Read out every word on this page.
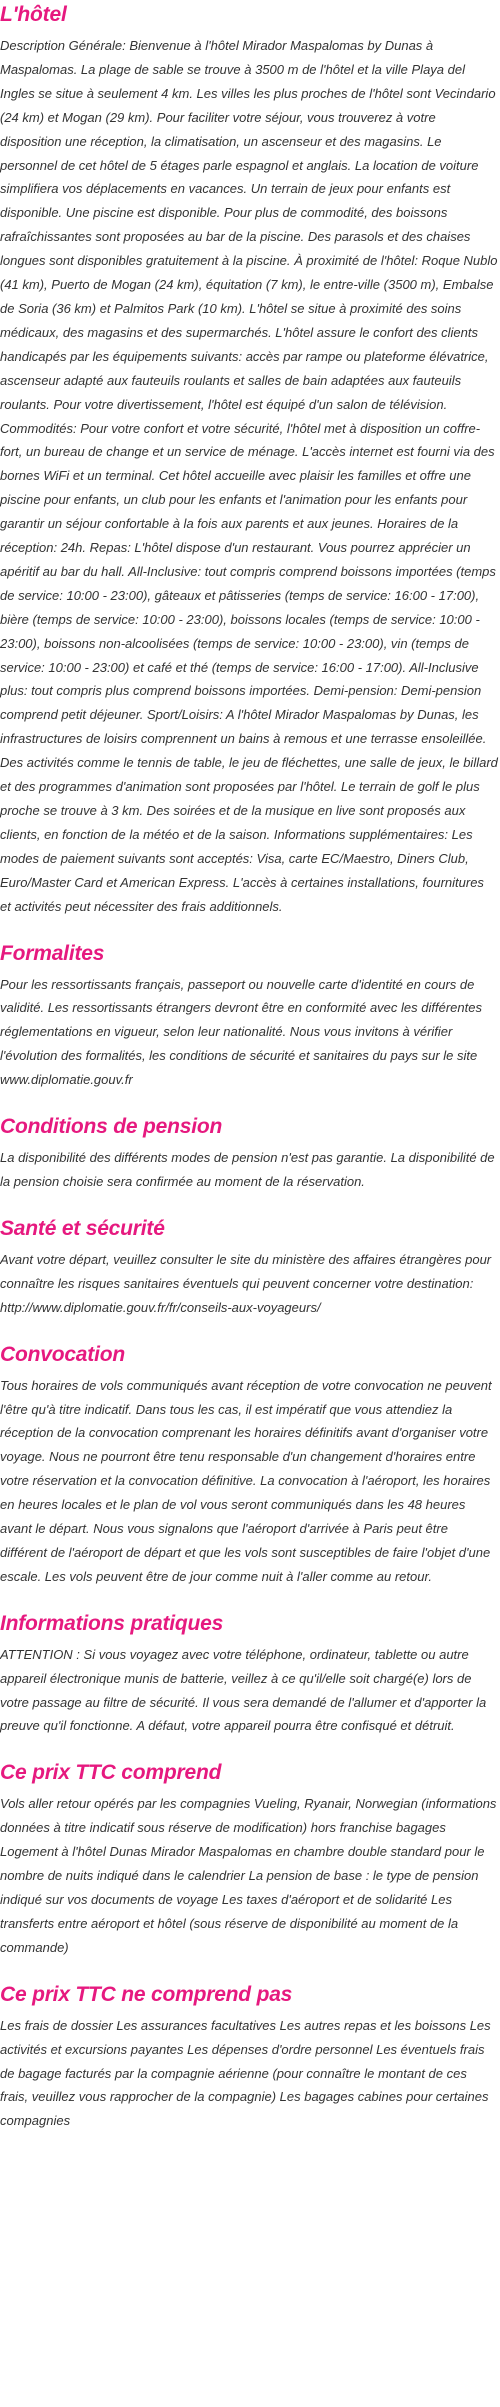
L'hôtel

Description Générale: Bienvenue à l'hôtel Mirador Maspalomas by Dunas à Maspalomas. La plage de sable se trouve à 3500 m de l'hôtel et la ville Playa del Ingles se situe à seulement 4 km. Les villes les plus proches de l'hôtel sont Vecindario (24 km) et Mogan (29 km). Pour faciliter votre séjour, vous trouverez à votre disposition une réception, la climatisation, un ascenseur et des magasins. Le personnel de cet hôtel de 5 étages parle espagnol et anglais. La location de voiture simplifiera vos déplacements en vacances. Un terrain de jeux pour enfants est disponible. Une piscine est disponible. Pour plus de commodité, des boissons rafraîchissantes sont proposées au bar de la piscine. Des parasols et des chaises longues sont disponibles gratuitement à la piscine. À proximité de l'hôtel: Roque Nublo (41 km), Puerto de Mogan (24 km), équitation (7 km), le entre-ville (3500 m), Embalse de Soria (36 km) et Palmitos Park (10 km). L'hôtel se situe à proximité des soins médicaux, des magasins et des supermarchés. L'hôtel assure le confort des clients handicapés par les équipements suivants: accès par rampe ou plateforme élévatrice, ascenseur adapté aux fauteuils roulants et salles de bain adaptées aux fauteuils roulants. Pour votre divertissement, l'hôtel est équipé d'un salon de télévision. Commodités: Pour votre confort et votre sécurité, l'hôtel met à disposition un coffre-fort, un bureau de change et un service de ménage. L'accès internet est fourni via des bornes WiFi et un terminal. Cet hôtel accueille avec plaisir les familles et offre une piscine pour enfants, un club pour les enfants et l'animation pour les enfants pour garantir un séjour confortable à la fois aux parents et aux jeunes. Horaires de la réception: 24h. Repas: L'hôtel dispose d'un restaurant. Vous pourrez apprécier un apéritif au bar du hall. All-Inclusive: tout compris comprend boissons importées (temps de service: 10:00 - 23:00), gâteaux et pâtisseries (temps de service: 16:00 - 17:00), bière (temps de service: 10:00 - 23:00), boissons locales (temps de service: 10:00 - 23:00), boissons non-alcoolisées (temps de service: 10:00 - 23:00), vin (temps de service: 10:00 - 23:00) et café et thé (temps de service: 16:00 - 17:00). All-Inclusive plus: tout compris plus comprend boissons importées. Demi-pension: Demi-pension comprend petit déjeuner. Sport/Loisirs: A l'hôtel Mirador Maspalomas by Dunas, les infrastructures de loisirs comprennent un bains à remous et une terrasse ensoleillée. Des activités comme le tennis de table, le jeu de fléchettes, une salle de jeux, le billard et des programmes d'animation sont proposées par l'hôtel. Le terrain de golf le plus proche se trouve à 3 km. Des soirées et de la musique en live sont proposés aux clients, en fonction de la météo et de la saison. Informations supplémentaires: Les modes de paiement suivants sont acceptés: Visa, carte EC/Maestro, Diners Club, Euro/Master Card et American Express. L'accès à certaines installations, fournitures et activités peut nécessiter des frais additionnels.

Formalites

Pour les ressortissants français, passeport ou nouvelle carte d'identité en cours de validité. Les ressortissants étrangers devront être en conformité avec les différentes réglementations en vigueur, selon leur nationalité. Nous vous invitons à vérifier l'évolution des formalités, les conditions de sécurité et sanitaires du pays sur le site www.diplomatie.gouv.fr

Conditions de pension

La disponibilité des différents modes de pension n'est pas garantie. La disponibilité de la pension choisie sera confirmée au moment de la réservation.

Santé et sécurité

Avant votre départ, veuillez consulter le site du ministère des affaires étrangères pour connaître les risques sanitaires éventuels qui peuvent concerner votre destination: http://www.diplomatie.gouv.fr/fr/conseils-aux-voyageurs/

Convocation

Tous horaires de vols communiqués avant réception de votre convocation ne peuvent l'être qu'à titre indicatif. Dans tous les cas, il est impératif que vous attendiez la réception de la convocation comprenant les horaires définitifs avant d'organiser votre voyage. Nous ne pourront être tenu responsable d'un changement d'horaires entre votre réservation et la convocation définitive. La convocation à l'aéroport, les horaires en heures locales et le plan de vol vous seront communiqués dans les 48 heures avant le départ. Nous vous signalons que l'aéroport d'arrivée à Paris peut être différent de l'aéroport de départ et que les vols sont susceptibles de faire l'objet d'une escale. Les vols peuvent être de jour comme nuit à l'aller comme au retour.

Informations pratiques

ATTENTION : Si vous voyagez avec votre téléphone, ordinateur, tablette ou autre appareil électronique munis de batterie, veillez à ce qu'il/elle soit chargé(e) lors de votre passage au filtre de sécurité. Il vous sera demandé de l'allumer et d'apporter la preuve qu'il fonctionne. A défaut, votre appareil pourra être confisqué et détruit.

Ce prix TTC comprend

Vols aller retour opérés par les compagnies Vueling, Ryanair, Norwegian (informations données à titre indicatif sous réserve de modification) hors franchise bagages Logement à l'hôtel Dunas Mirador Maspalomas en chambre double standard pour le nombre de nuits indiqué dans le calendrier La pension de base : le type de pension indiqué sur vos documents de voyage Les taxes d'aéroport et de solidarité Les transferts entre aéroport et hôtel (sous réserve de disponibilité au moment de la commande)

Ce prix TTC ne comprend pas

Les frais de dossier Les assurances facultatives Les autres repas et les boissons Les activités et excursions payantes Les dépenses d'ordre personnel Les éventuels frais de bagage facturés par la compagnie aérienne (pour connaître le montant de ces frais, veuillez vous rapprocher de la compagnie) Les bagages cabines pour certaines compagnies
